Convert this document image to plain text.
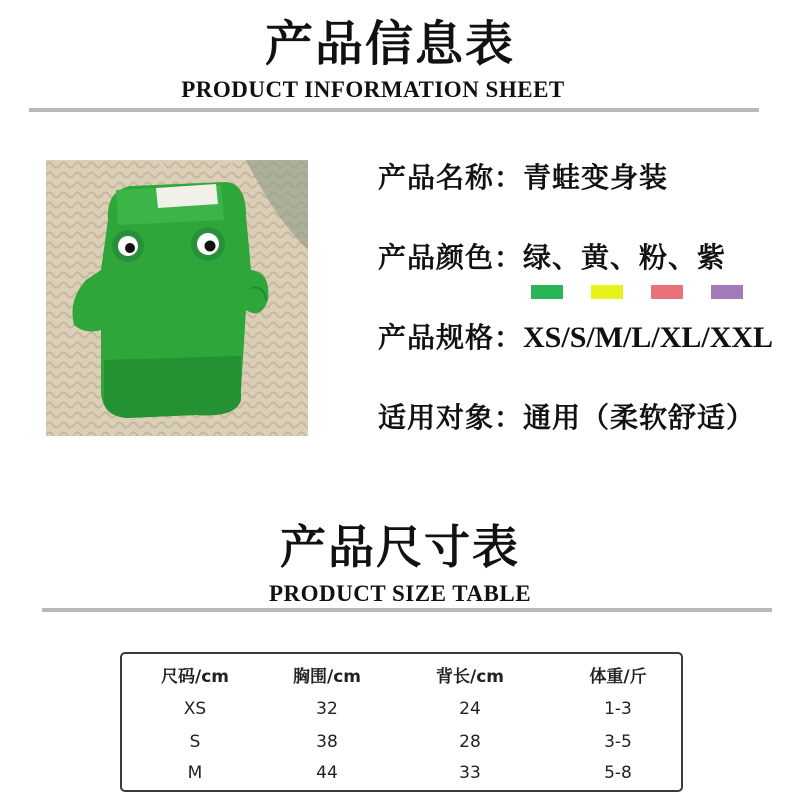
产品信息表
PRODUCT INFORMATION SHEET
产品名称：青蛙变身装
产品颜色：绿、黄、粉、紫
产品规格：XS/S/M/L/XL/XXL
适用对象：通用（柔软舒适）
产品尺寸表
PRODUCT SIZE TABLE
尺码/cm	胸围/cm	背长/cm	体重/斤
XS	32	24	1-3
S	38	28	3-5
M	44	33	5-8
